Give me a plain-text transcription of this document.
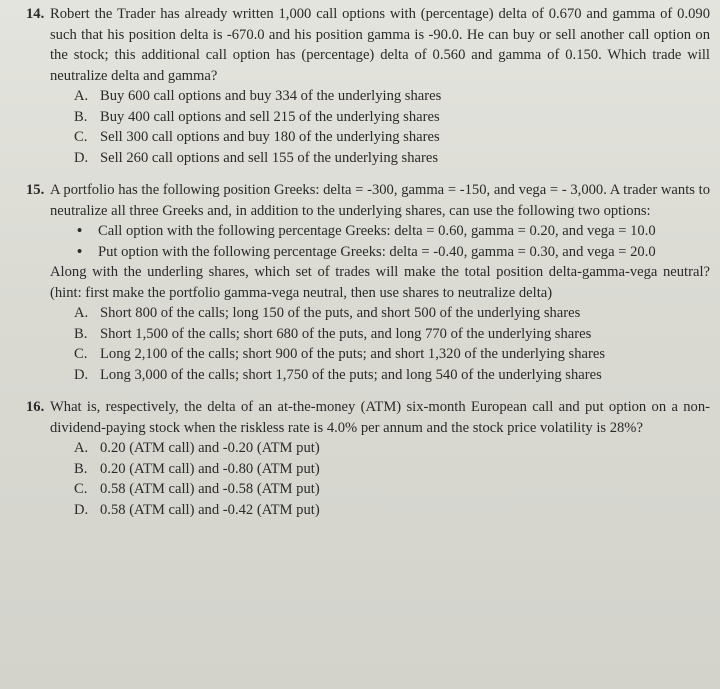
14. Robert the Trader has already written 1,000 call options with (percentage) delta of 0.670 and gamma of 0.090 such that his position delta is -670.0 and his position gamma is -90.0. He can buy or sell another call option on the stock; this additional call option has (percentage) delta of 0.560 and gamma of 0.150. Which trade will neutralize delta and gamma?
A. Buy 600 call options and buy 334 of the underlying shares
B. Buy 400 call options and sell 215 of the underlying shares
C. Sell 300 call options and buy 180 of the underlying shares
D. Sell 260 call options and sell 155 of the underlying shares
15. A portfolio has the following position Greeks: delta = -300, gamma = -150, and vega = - 3,000. A trader wants to neutralize all three Greeks and, in addition to the underlying shares, can use the following two options:
• Call option with the following percentage Greeks: delta = 0.60, gamma = 0.20, and vega = 10.0
• Put option with the following percentage Greeks: delta = -0.40, gamma = 0.30, and vega = 20.0
Along with the underling shares, which set of trades will make the total position delta-gamma-vega neutral? (hint: first make the portfolio gamma-vega neutral, then use shares to neutralize delta)
A. Short 800 of the calls; long 150 of the puts, and short 500 of the underlying shares
B. Short 1,500 of the calls; short 680 of the puts, and long 770 of the underlying shares
C. Long 2,100 of the calls; short 900 of the puts; and short 1,320 of the underlying shares
D. Long 3,000 of the calls; short 1,750 of the puts; and long 540 of the underlying shares
16. What is, respectively, the delta of an at-the-money (ATM) six-month European call and put option on a non-dividend-paying stock when the riskless rate is 4.0% per annum and the stock price volatility is 28%?
A. 0.20 (ATM call) and -0.20 (ATM put)
B. 0.20 (ATM call) and -0.80 (ATM put)
C. 0.58 (ATM call) and -0.58 (ATM put)
D. 0.58 (ATM call) and -0.42 (ATM put)
